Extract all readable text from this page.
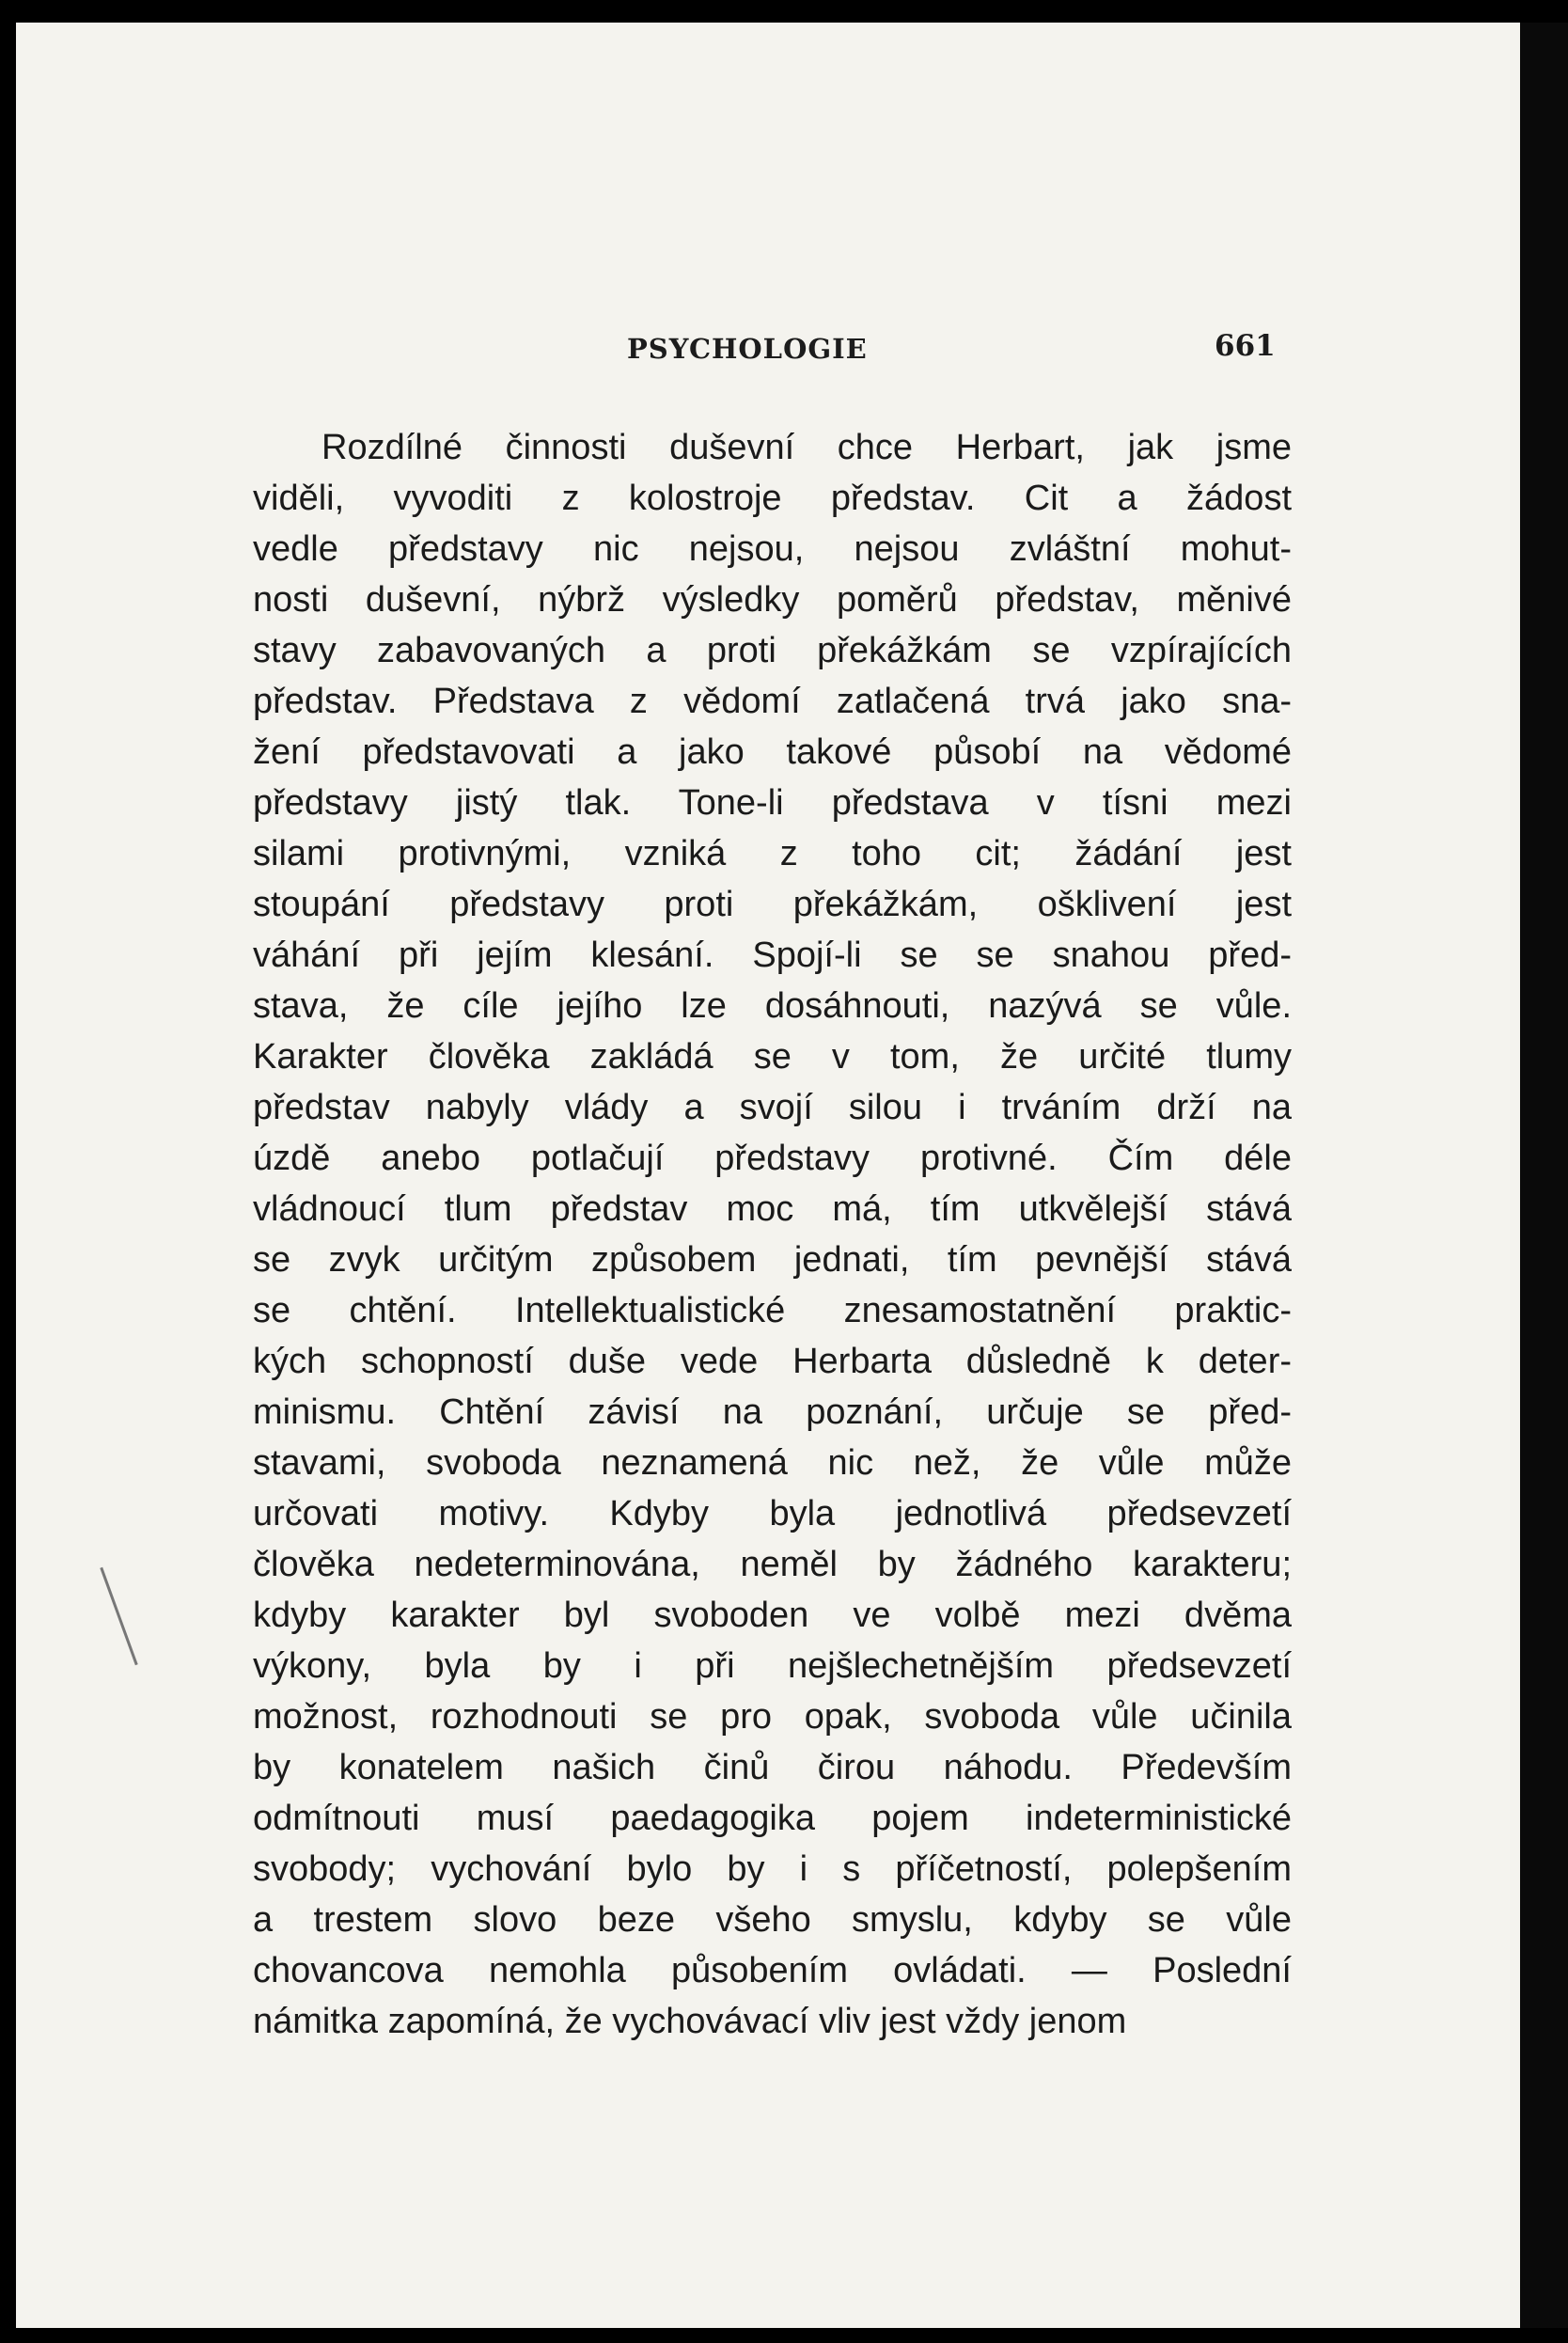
PSYCHOLOGIE	661
Rozdílné činnosti duševní chce Herbart, jak jsme
viděli, vyvoditi z kolostroje představ. Cit a žádost
vedle představy nic nejsou, nejsou zvláštní mohut-
nosti duševní, nýbrž výsledky poměrů představ, měnivé
stavy zabavovaných a proti překážkám se vzpírajících
představ. Představa z vědomí zatlačená trvá jako sna-
žení představovati a jako takové působí na vědomé
představy jistý tlak. Tone-li představa v tísni mezi
silami protivnými, vzniká z toho cit; žádání jest
stoupání představy proti překážkám, ošklivení jest
váhání při jejím klesání. Spojí-li se se snahou před-
stava, že cíle jejího lze dosáhnouti, nazývá se vůle.
Karakter člověka zakládá se v tom, že určité tlumy
představ nabyly vlády a svojí silou i trváním drží na
úzdě anebo potlačují představy protivné. Čím déle
vládnoucí tlum představ moc má, tím utkvělejší stává
se zvyk určitým způsobem jednati, tím pevnější stává
se chtění. Intellektualistické znesamostatnění praktic-
kých schopností duše vede Herbarta důsledně k deter-
minismu. Chtění závisí na poznání, určuje se před-
stavami, svoboda neznamená nic než, že vůle může
určovati motivy. Kdyby byla jednotlivá předsevzetí
člověka nedeterminována, neměl by žádného karakteru;
kdyby karakter byl svoboden ve volbě mezi dvěma
výkony, byla by i při nejšlechetnějším předsevzetí
možnost, rozhodnouti se pro opak, svoboda vůle učinila
by konatelem našich činů čirou náhodu. Především
odmítnouti musí paedagogika pojem indeterministické
svobody; vychování bylo by i s příčetností, polepšením
a trestem slovo beze všeho smyslu, kdyby se vůle
chovancova nemohla působením ovládati. — Poslední
námitka zapomíná, že vychovávací vliv jest vždy jenom
